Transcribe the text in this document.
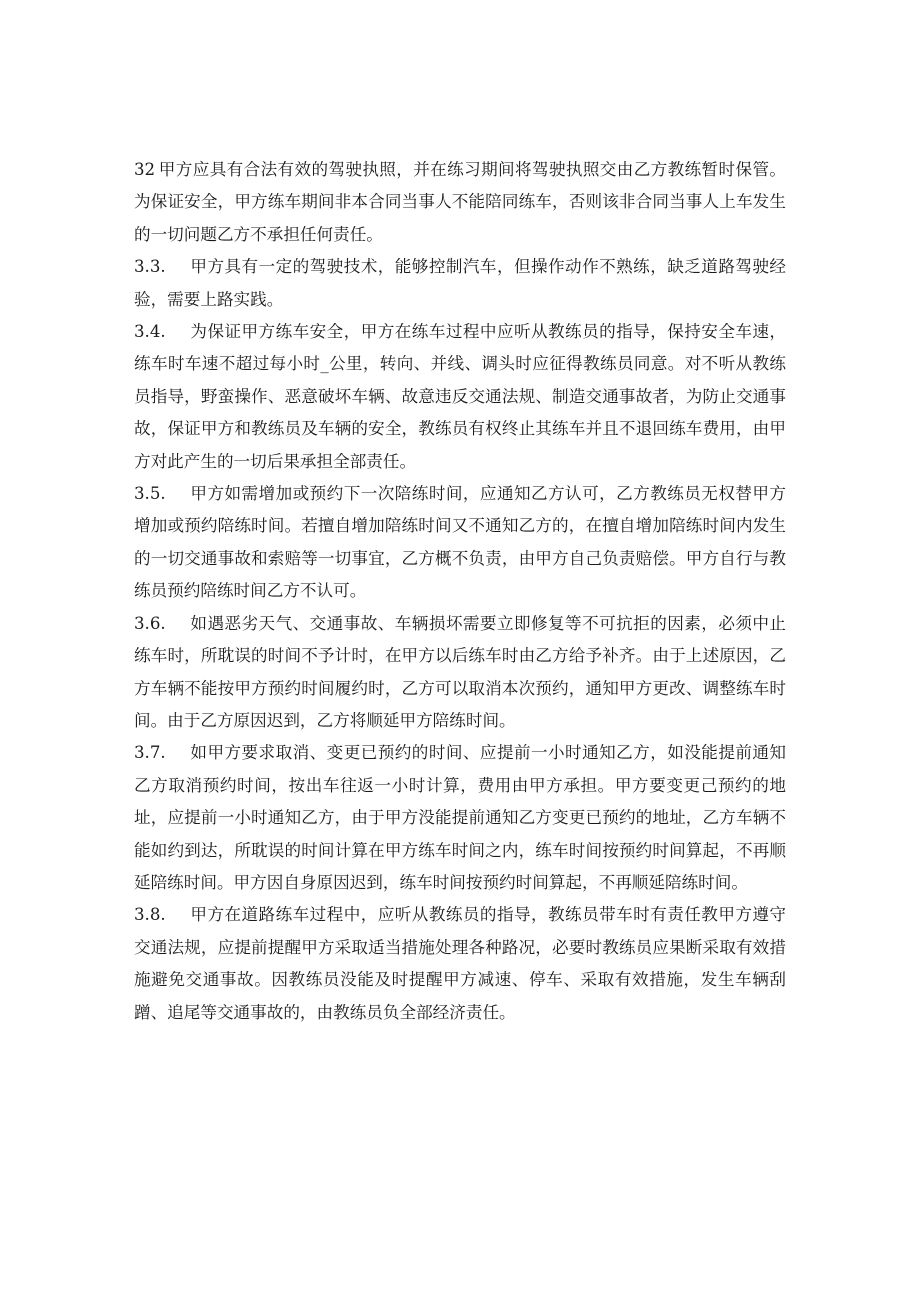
32 甲方应具有合法有效的驾驶执照，并在练习期间将驾驶执照交由乙方教练暂时保管。为保证安全，甲方练车期间非本合同当事人不能陪同练车，否则该非合同当事人上车发生的一切问题乙方不承担任何责任。

3.3. 甲方具有一定的驾驶技术，能够控制汽车，但操作动作不熟练，缺乏道路驾驶经验，需要上路实践。

3.4. 为保证甲方练车安全，甲方在练车过程中应听从教练员的指导，保持安全车速，练车时车速不超过每小时_公里，转向、并线、调头时应征得教练员同意。对不听从教练员指导，野蛮操作、恶意破坏车辆、故意违反交通法规、制造交通事故者，为防止交通事故，保证甲方和教练员及车辆的安全，教练员有权终止其练车并且不退回练车费用，由甲方对此产生的一切后果承担全部责任。

3.5. 甲方如需增加或预约下一次陪练时间，应通知乙方认可，乙方教练员无权替甲方增加或预约陪练时间。若擅自增加陪练时间又不通知乙方的，在擅自增加陪练时间内发生的一切交通事故和索赔等一切事宜，乙方概不负责，由甲方自己负责赔偿。甲方自行与教练员预约陪练时间乙方不认可。

3.6. 如遇恶劣天气、交通事故、车辆损坏需要立即修复等不可抗拒的因素，必须中止练车时，所耽误的时间不予计时，在甲方以后练车时由乙方给予补齐。由于上述原因，乙方车辆不能按甲方预约时间履约时，乙方可以取消本次预约，通知甲方更改、调整练车时间。由于乙方原因迟到，乙方将顺延甲方陪练时间。

3.7. 如甲方要求取消、变更已预约的时间、应提前一小时通知乙方，如没能提前通知乙方取消预约时间，按出车往返一小时计算，费用由甲方承担。甲方要变更己预约的地址，应提前一小时通知乙方，由于甲方没能提前通知乙方变更已预约的地址，乙方车辆不能如约到达，所耽误的时间计算在甲方练车时间之内，练车时间按预约时间算起，不再顺延陪练时间。甲方因自身原因迟到，练车时间按预约时间算起，不再顺延陪练时间。

3.8. 甲方在道路练车过程中，应听从教练员的指导，教练员带车时有责任教甲方遵守交通法规，应提前提醒甲方采取适当措施处理各种路况，必要时教练员应果断采取有效措施避免交通事故。因教练员没能及时提醒甲方减速、停车、采取有效措施，发生车辆刮蹭、追尾等交通事故的，由教练员负全部经济责任。
